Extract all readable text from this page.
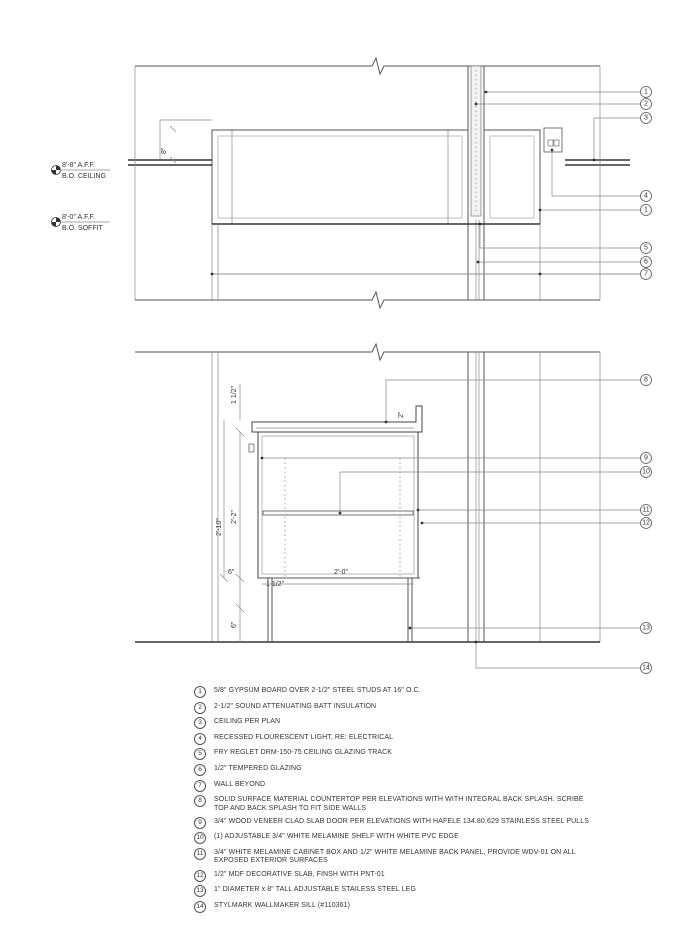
8"
8'-8" A.F.F.
B.O. CEILING
8'-0" A.F.F.
B.O. SOFFIT
1 1/2"
2"
2'-10"
2'-2"
6"
1 1/2"
2'-0"
6"
1
2
3
4
1
5
6
7
8
9
10
11
12
13
14
1	5/8" GYPSUM BOARD OVER 2-1/2" STEEL STUDS AT 16" O.C.
2	2-1/2" SOUND ATTENUATING BATT INSULATION
3	CEILING PER PLAN
4	RECESSED FLOURESCENT LIGHT, RE: ELECTRICAL
5	FRY REGLET DRM-150-75 CEILING GLAZING TRACK
6	1/2" TEMPERED GLAZING
7	WALL BEYOND
8	SOLID SURFACE MATERIAL COUNTERTOP PER ELEVATIONS WITH WITH INTEGRAL BACK SPLASH. SCRIBE TOP AND BACK SPLASH TO FIT SIDE WALLS
9	3/4" WOOD VENEER CLAD SLAB DOOR PER ELEVATIONS WITH HAFELE 134.80.629 STAINLESS STEEL PULLS
10	(1) ADJUSTABLE 3/4" WHITE MELAMINE SHELF WITH WHITE PVC EDGE
11	3/4" WHITE MELAMINE CABINET BOX AND 1/2" WHITE MELAMINE BACK PANEL, PROVIDE WDV-01 ON ALL EXPOSED EXTERIOR SURFACES
12	1/2" MDF DECORATIVE SLAB, FINSH WITH PNT-01
13	1" DIAMETER x 8" TALL ADJUSTABLE STAILESS STEEL LEG
14	STYLMARK WALLMAKER SILL (#110361)
